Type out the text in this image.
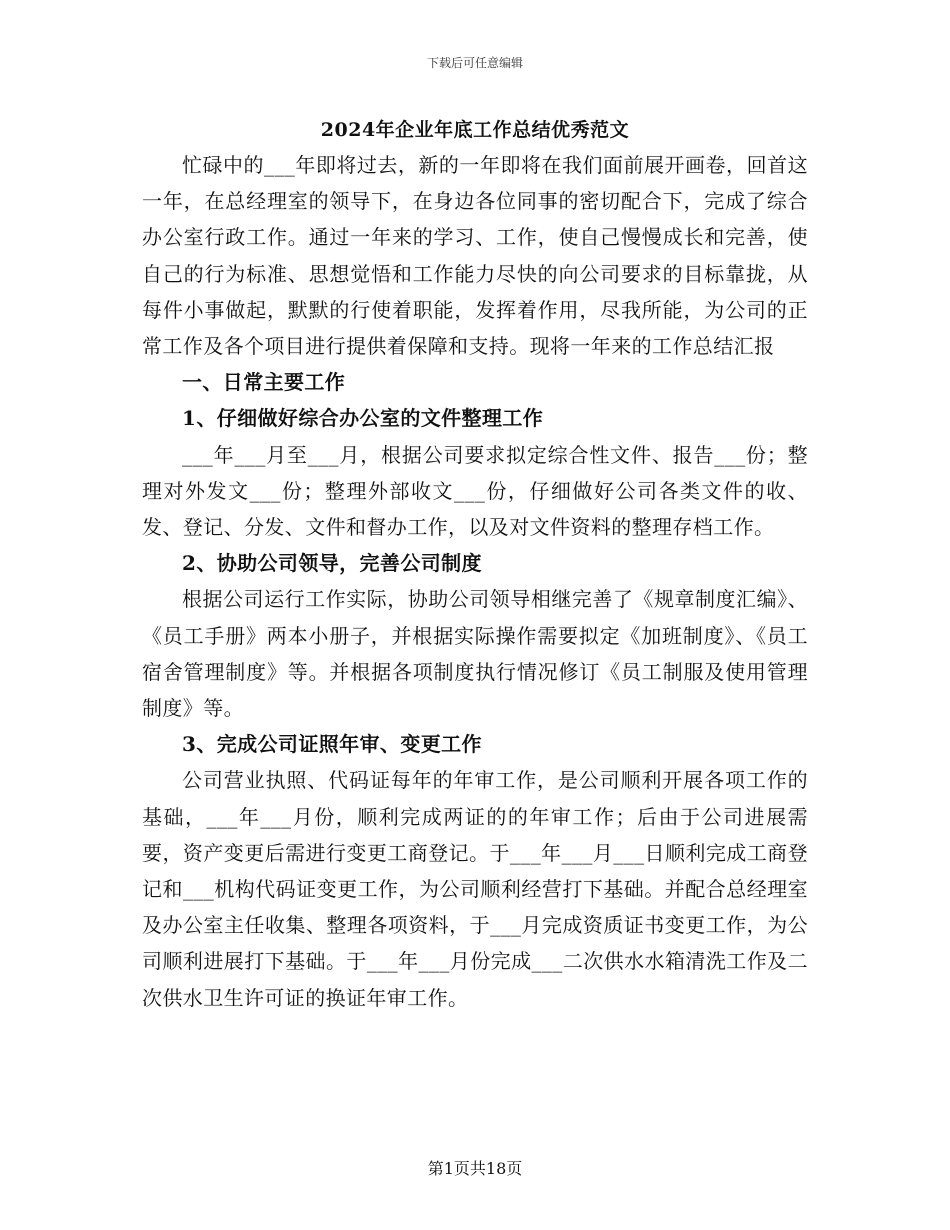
下载后可任意编辑
2024年企业年底工作总结优秀范文

忙碌中的___年即将过去，新的一年即将在我们面前展开画卷，回首这一年，在总经理室的领导下，在身边各位同事的密切配合下，完成了综合办公室行政工作。通过一年来的学习、工作，使自己慢慢成长和完善，使自己的行为标准、思想觉悟和工作能力尽快的向公司要求的目标靠拢，从每件小事做起，默默的行使着职能，发挥着作用，尽我所能，为公司的正常工作及各个项目进行提供着保障和支持。现将一年来的工作总结汇报

一、日常主要工作

1、仔细做好综合办公室的文件整理工作

___年___月至___月，根据公司要求拟定综合性文件、报告___份；整理对外发文___份；整理外部收文___份，仔细做好公司各类文件的收、发、登记、分发、文件和督办工作，以及对文件资料的整理存档工作。

2、协助公司领导，完善公司制度

根据公司运行工作实际，协助公司领导相继完善了《规章制度汇编》、《员工手册》两本小册子，并根据实际操作需要拟定《加班制度》、《员工宿舍管理制度》等。并根据各项制度执行情况修订《员工制服及使用管理制度》等。

3、完成公司证照年审、变更工作

公司营业执照、代码证每年的年审工作，是公司顺利开展各项工作的基础，___年___月份，顺利完成两证的的年审工作；后由于公司进展需要，资产变更后需进行变更工商登记。于___年___月___日顺利完成工商登记和___机构代码证变更工作，为公司顺利经营打下基础。并配合总经理室及办公室主任收集、整理各项资料，于___月完成资质证书变更工作，为公司顺利进展打下基础。于___年___月份完成___二次供水水箱清洗工作及二次供水卫生许可证的换证年审工作。

第1页共18页
